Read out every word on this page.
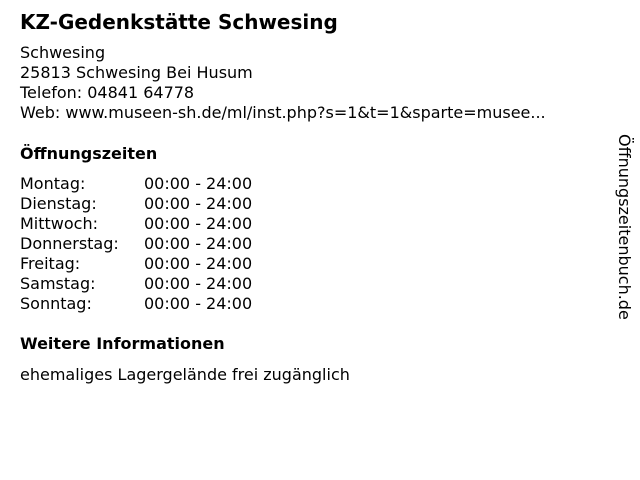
KZ-Gedenkstätte Schwesing
Schwesing
25813 Schwesing Bei Husum
Telefon: 04841 64778
Web: www.museen-sh.de/ml/inst.php?s=1&t=1&sparte=musee...
Öffnungszeiten
Montag:	00:00 - 24:00
Dienstag:	00:00 - 24:00
Mittwoch:	00:00 - 24:00
Donnerstag:	00:00 - 24:00
Freitag:	00:00 - 24:00
Samstag:	00:00 - 24:00
Sonntag:	00:00 - 24:00
Weitere Informationen
ehemaliges Lagergelände frei zugänglich
Öffnungszeitenbuch.de
